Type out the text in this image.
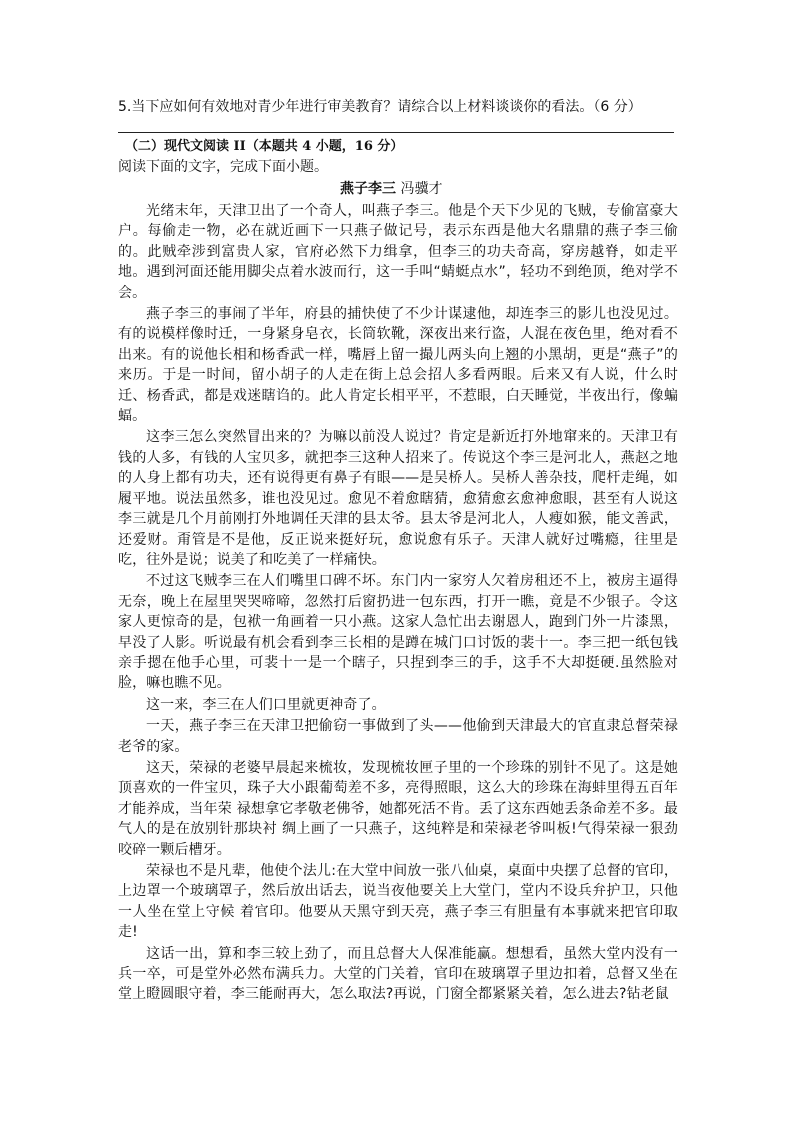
5.当下应如何有效地对青少年进行审美教育？请综合以上材料谈谈你的看法。（6 分）
（二）现代文阅读 II（本题共 4 小题，16 分）
阅读下面的文字，完成下面小题。
燕子李三 冯骥才

光绪末年，天津卫出了一个奇人，叫燕子李三。他是个天下少见的飞贼，专偷富豪大户。每偷走一物，必在就近画下一只燕子做记号，表示东西是他大名鼎鼎的燕子李三偷的。此贼牵涉到富贵人家，官府必然下力缉拿，但李三的功夫奇高，穿房越脊，如走平地。遇到河面还能用脚尖点着水波而行，这一手叫“蜻蜓点水”，轻功不到绝顶，绝对学不会。

燕子李三的事闹了半年，府县的捕快使了不少计谋逮他，却连李三的影儿也没见过。有的说模样像时迁，一身紧身皂衣，长筒软靴，深夜出来行盗，人混在夜色里，绝对看不出来。有的说他长相和杨香武一样，嘴唇上留一撮儿两头向上翘的小黑胡，更是“燕子”的来历。于是一时间，留小胡子的人走在街上总会招人多看两眼。后来又有人说，什么时迁、杨香武，都是戏迷瞎诌的。此人肯定长相平平，不惹眼，白天睡觉，半夜出行，像蝙蝠。

这李三怎么突然冒出来的？为嘛以前没人说过？肯定是新近打外地窜来的。天津卫有钱的人多，有钱的人宝贝多，就把李三这种人招来了。传说这个李三是河北人，燕赵之地的人身上都有功夫，还有说得更有鼻子有眼——是吴桥人。吴桥人善杂技，爬杆走绳，如履平地。说法虽然多，谁也没见过。愈见不着愈瞎猜，愈猜愈玄愈神愈眼，甚至有人说这李三就是几个月前刚打外地调任天津的县太爷。县太爷是河北人，人瘦如猴，能文善武，还爱财。甭管是不是他，反正说来挺好玩，愈说愈有乐子。天津人就好过嘴瘾，往里是吃，往外是说；说美了和吃美了一样痛快。

不过这飞贼李三在人们嘴里口碑不坏。东门内一家穷人欠着房租还不上，被房主逼得无奈，晚上在屋里哭哭啼啼，忽然打后窗扔进一包东西，打开一瞧，竟是不少银子。令这家人更惊奇的是，包袱一角画着一只小燕。这家人急忙出去谢恩人，跑到门外一片漆黑，早没了人影。听说最有机会看到李三长相的是蹲在城门口讨饭的裴十一。李三把一纸包钱亲手摁在他手心里，可裴十一是一个瞎子，只捏到李三的手，这手不大却挺硬.虽然脸对脸，嘛也瞧不见。

这一来，李三在人们口里就更神奇了。

一天，燕子李三在天津卫把偷窃一事做到了头——他偷到天津最大的官直隶总督荣禄老爷的家。

这天，荣禄的老婆早晨起来梳妆，发现梳妆匣子里的一个珍珠的别针不见了。这是她顶喜欢的一件宝贝，珠子大小跟葡萄差不多，亮得照眼，这么大的珍珠在海蚌里得五百年才能养成，当年荣 禄想拿它孝敬老佛爷，她都死活不肯。丢了这东西她丢条命差不多。最气人的是在放别针那块衬 绸上画了一只燕子，这纯粹是和荣禄老爷叫板!气得荣禄一狠劲咬碎一颗后槽牙。

荣禄也不是凡辈，他使个法儿:在大堂中间放一张八仙桌，桌面中央摆了总督的官印，上边罩一个玻璃罩子，然后放出话去，说当夜他要关上大堂门，堂内不设兵弁护卫，只他一人坐在堂上守候 着官印。他要从天黑守到天亮，燕子李三有胆量有本事就来把官印取走!

这话一出，算和李三较上劲了，而且总督大人保准能赢。想想看，虽然大堂内没有一兵一卒，可是堂外必然布满兵力。大堂的门关着，官印在玻璃罩子里边扣着，总督又坐在堂上瞪圆眼守着，李三能耐再大，怎么取法?再说，门窗全都紧紧关着，怎么进去?钻老鼠
